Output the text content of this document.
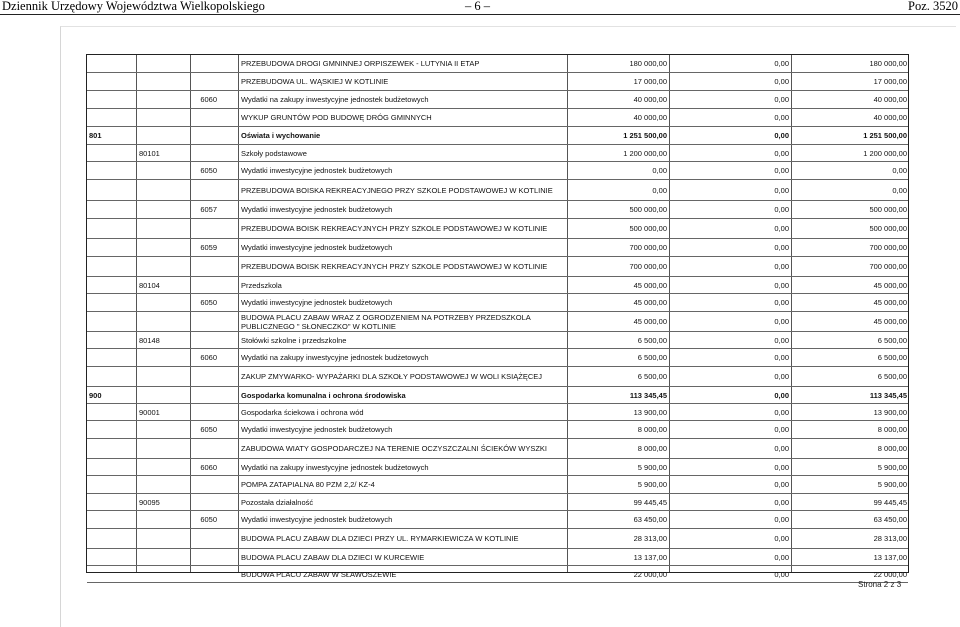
Dziennik Urzędowy Województwa Wielkopolskiego	– 6 –	Poz. 3520
PRZEBUDOWA DROGI GMNINNEJ ORPISZEWEK - LUTYNIA II ETAP	180 000,00	0,00	180 000,00
PRZEBUDOWA UL. WĄSKIEJ W KOTLINIE	17 000,00	0,00	17 000,00
6060	Wydatki na zakupy inwestycyjne jednostek budżetowych	40 000,00	0,00	40 000,00
WYKUP GRUNTÓW POD BUDOWĘ DRÓG GMINNYCH	40 000,00	0,00	40 000,00
801	Oświata i wychowanie	1 251 500,00	0,00	1 251 500,00
80101	Szkoły podstawowe	1 200 000,00	0,00	1 200 000,00
6050	Wydatki inwestycyjne jednostek budżetowych	0,00	0,00	0,00
PRZEBUDOWA BOISKA REKREACYJNEGO PRZY SZKOLE PODSTAWOWEJ W KOTLINIE	0,00	0,00	0,00
6057	Wydatki inwestycyjne jednostek budżetowych	500 000,00	0,00	500 000,00
PRZEBUDOWA BOISK REKREACYJNYCH PRZY SZKOLE PODSTAWOWEJ W KOTLINIE	500 000,00	0,00	500 000,00
6059	Wydatki inwestycyjne jednostek budżetowych	700 000,00	0,00	700 000,00
PRZEBUDOWA BOISK REKREACYJNYCH PRZY SZKOLE PODSTAWOWEJ W KOTLINIE	700 000,00	0,00	700 000,00
80104	Przedszkola	45 000,00	0,00	45 000,00
6050	Wydatki inwestycyjne jednostek budżetowych	45 000,00	0,00	45 000,00
BUDOWA PLACU ZABAW WRAZ Z OGRODZENIEM NA POTRZEBY PRZEDSZKOLA PUBLICZNEGO " SŁONECZKO" W KOTLINIE	45 000,00	0,00	45 000,00
80148	Stołówki szkolne i przedszkolne	6 500,00	0,00	6 500,00
6060	Wydatki na zakupy inwestycyjne jednostek budżetowych	6 500,00	0,00	6 500,00
ZAKUP ZMYWARKO- WYPAŻARKI DLA SZKOŁY PODSTAWOWEJ W WOLI KSIĄŻĘCEJ	6 500,00	0,00	6 500,00
900	Gospodarka komunalna i ochrona środowiska	113 345,45	0,00	113 345,45
90001	Gospodarka ściekowa i ochrona wód	13 900,00	0,00	13 900,00
6050	Wydatki inwestycyjne jednostek budżetowych	8 000,00	0,00	8 000,00
ZABUDOWA WIATY GOSPODARCZEJ NA TERENIE OCZYSZCZALNI ŚCIEKÓW WYSZKI	8 000,00	0,00	8 000,00
6060	Wydatki na zakupy inwestycyjne jednostek budżetowych	5 900,00	0,00	5 900,00
POMPA ZATAPIALNA 80 PZM 2,2/ KZ-4	5 900,00	0,00	5 900,00
90095	Pozostała działalność	99 445,45	0,00	99 445,45
6050	Wydatki inwestycyjne jednostek budżetowych	63 450,00	0,00	63 450,00
BUDOWA PLACU ZABAW DLA DZIECI PRZY UL. RYMARKIEWICZA W KOTLINIE	28 313,00	0,00	28 313,00
BUDOWA PLACU ZABAW DLA DZIECI W KURCEWIE	13 137,00	0,00	13 137,00
BUDOWA PLACU ZABAW W SŁAWOSZEWIE	22 000,00	0,00	22 000,00
Strona 2 z 3
